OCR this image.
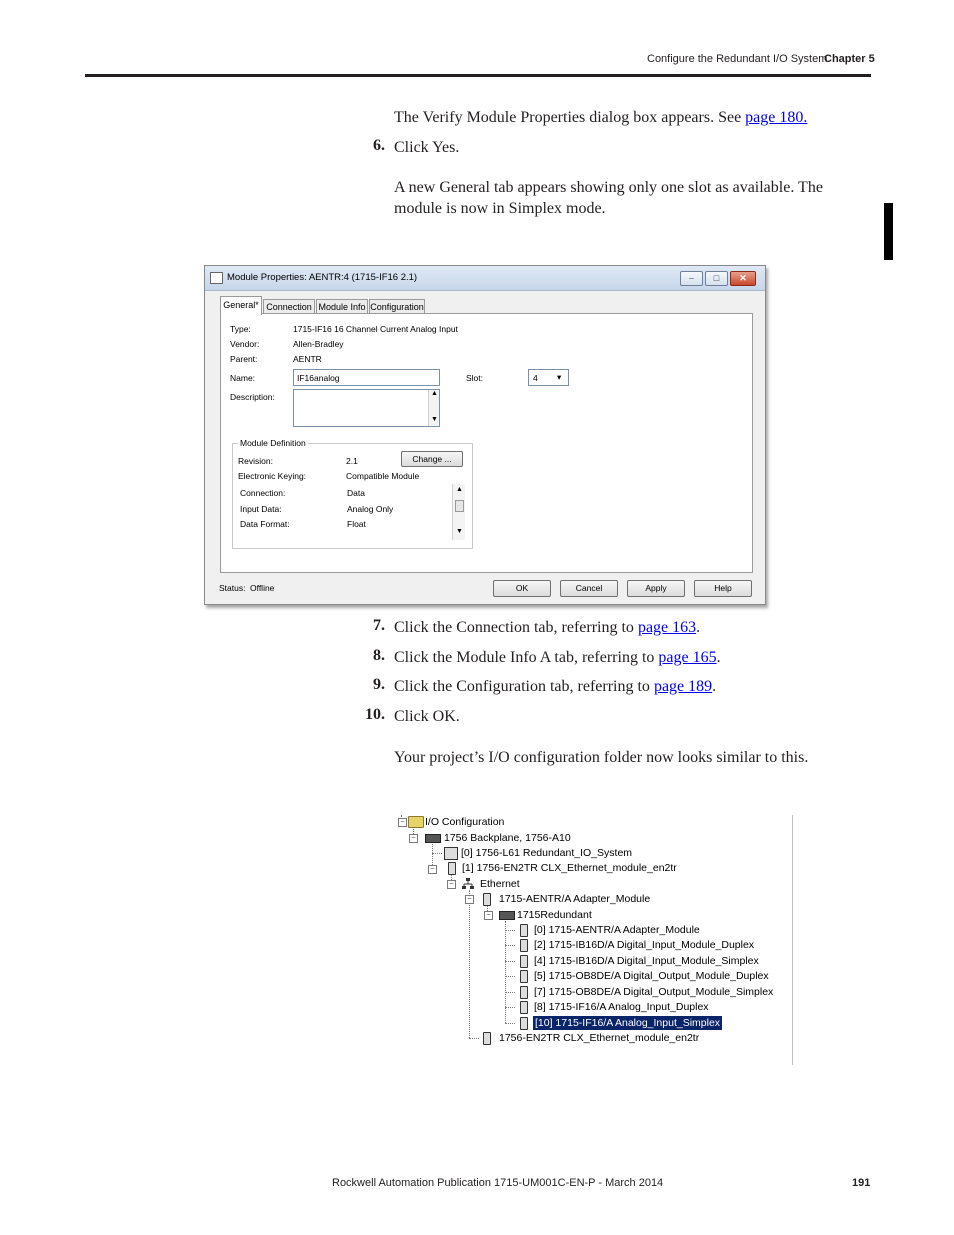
Configure the Redundant I/O System
Chapter 5
The Verify Module Properties dialog box appears. See page 180.
6. Click Yes.
A new General tab appears showing only one slot as available. The module is now in Simplex mode.
Module Properties: AENTR:4 (1715-IF16 2.1)	–	□	✕
General* Connection Module Info Configuration
Type:	1715-IF16 16 Channel Current Analog Input
Vendor:	Allen-Bradley
Parent:	AENTR
Name:	IF16analog	Slot:	4 ▾
Description:	▲
▼
Module Definition
Revision:	2.1	Change ...
Electronic Keying:	Compatible Module
Connection:	Data
Input Data:	Analog Only
Data Format:	Float
▲
▼
Status: Offline	OK	Cancel	Apply	Help
7. Click the Connection tab, referring to page 163.
8. Click the Module Info A tab, referring to page 165.
9. Click the Configuration tab, referring to page 189.
10. Click OK.
Your project’s I/O configuration folder now looks similar to this.
− I/O Configuration
−	1756 Backplane, 1756-A10
[0] 1756-L61 Redundant_IO_System
−	[1] 1756-EN2TR CLX_Ethernet_module_en2tr
−	Ethernet
−	1715-AENTR/A Adapter_Module
−	1715Redundant
[0] 1715-AENTR/A Adapter_Module
[2] 1715-IB16D/A Digital_Input_Module_Duplex
[4] 1715-IB16D/A Digital_Input_Module_Simplex
[5] 1715-OB8DE/A Digital_Output_Module_Duplex
[7] 1715-OB8DE/A Digital_Output_Module_Simplex
[8] 1715-IF16/A Analog_Input_Duplex
[10] 1715-IF16/A Analog_Input_Simplex
1756-EN2TR CLX_Ethernet_module_en2tr
Rockwell Automation Publication 1715-UM001C-EN-P - March 2014	191
